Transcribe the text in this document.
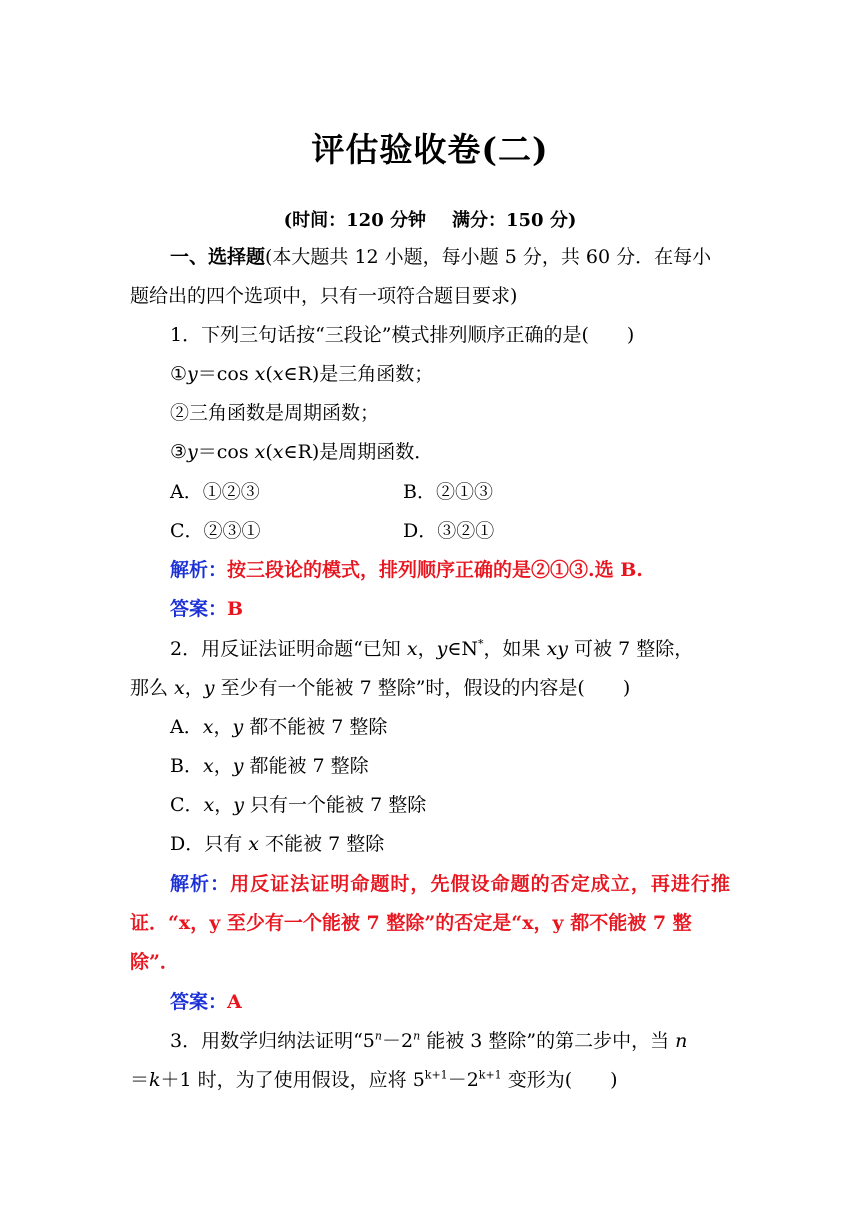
评估验收卷(二)
(时间：120 分钟 满分：150 分)
一、选择题(本大题共 12 小题，每小题 5 分，共 60 分．在每小
题给出的四个选项中，只有一项符合题目要求)
1．下列三句话按“三段论”模式排列顺序正确的是(　　)
①y＝cos x(x∈R)是三角函数；
②三角函数是周期函数；
③y＝cos x(x∈R)是周期函数．
A．①②③	B．②①③
C．②③①	D．③②①
解析：按三段论的模式，排列顺序正确的是②①③.选 B.
答案：B
2．用反证法证明命题“已知 x，y∈N*，如果 xy 可被 7 整除，
那么 x，y 至少有一个能被 7 整除”时，假设的内容是(　　)
A．x，y 都不能被 7 整除
B．x，y 都能被 7 整除
C．x，y 只有一个能被 7 整除
D．只有 x 不能被 7 整除
解析：用反证法证明命题时，先假设命题的否定成立，再进行推
证．“x，y 至少有一个能被 7 整除”的否定是“x，y 都不能被 7 整
除”．
答案：A
3．用数学归纳法证明“$5^n-2^n$ 能被 3 整除”的第二步中，当 n
＝k＋1 时，为了使用假设，应将 $5^{k+1}-2^{k+1}$ 变形为(　　)
